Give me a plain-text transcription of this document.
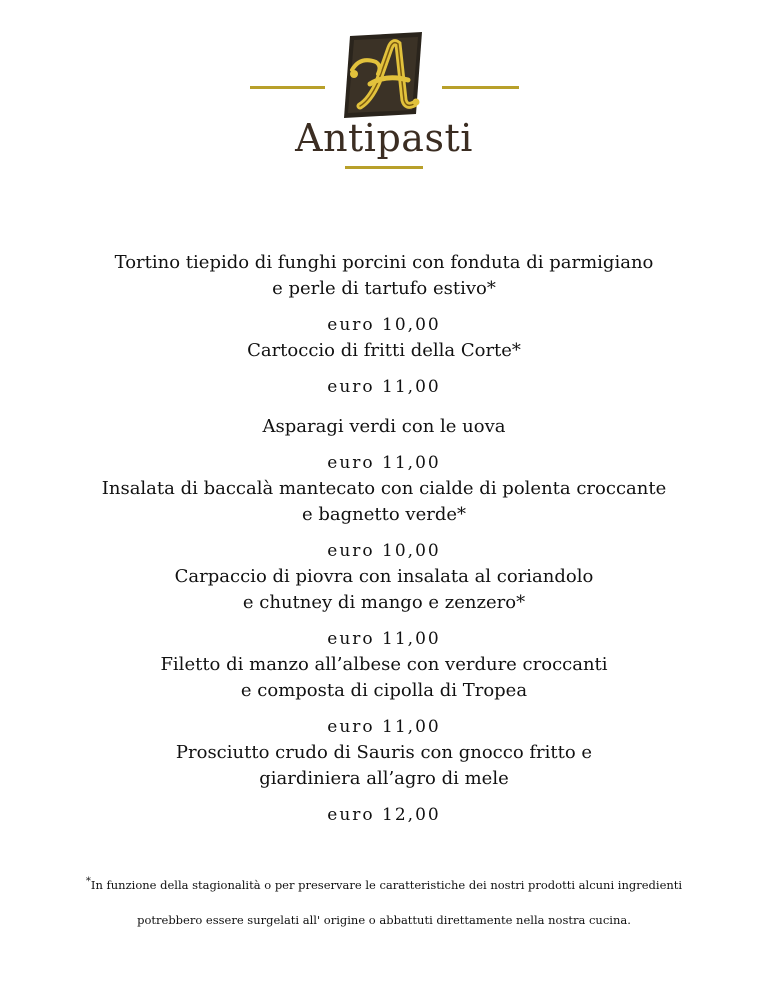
Antipasti
Tortino tiepido di funghi porcini con fonduta di parmigiano
e perle di tartufo estivo*
euro 10,00
Cartoccio di fritti della Corte*
euro 11,00
Asparagi verdi con le uova
euro 11,00
Insalata di baccalà mantecato con cialde di polenta croccante
e bagnetto verde*
euro 10,00
Carpaccio di piovra con insalata al coriandolo
e chutney di mango e zenzero*
euro 11,00
Filetto di manzo all’albese con verdure croccanti
e composta di cipolla di Tropea
euro 11,00
Prosciutto crudo di Sauris con gnocco fritto e
giardiniera all’agro di mele
euro 12,00
*In funzione della stagionalità o per preservare le caratteristiche dei nostri prodotti alcuni ingredienti
potrebbero essere surgelati all' origine o abbattuti direttamente nella nostra cucina.
